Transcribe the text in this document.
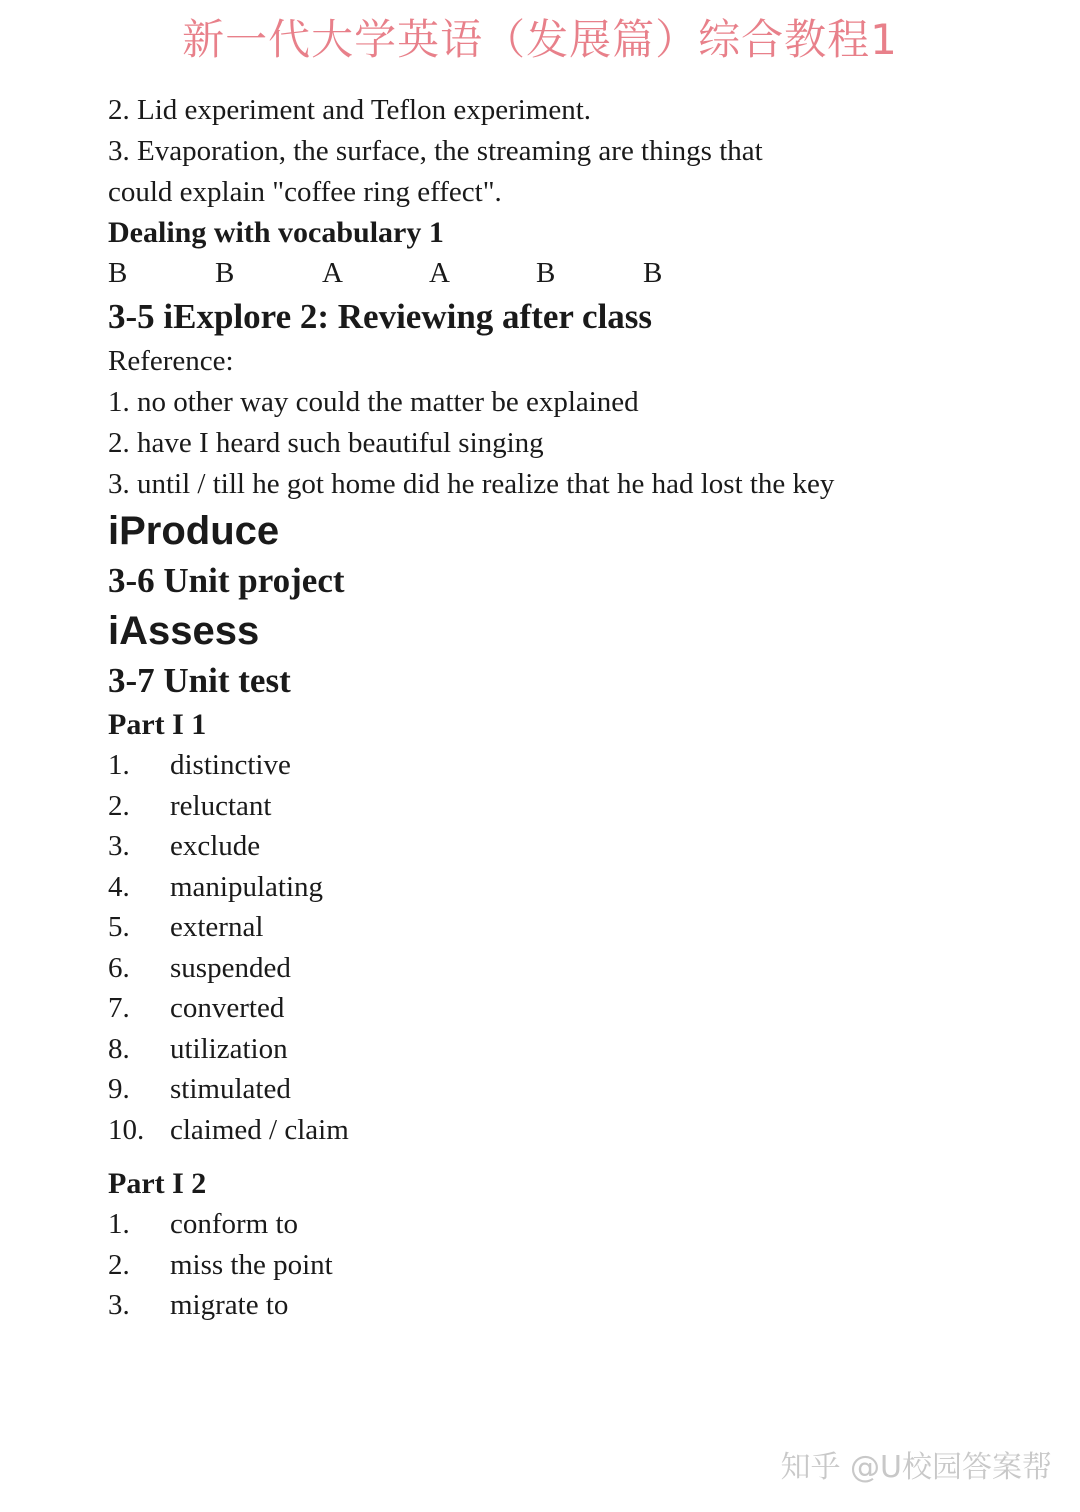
新一代大学英语（发展篇）综合教程1

2. Lid experiment and Teflon experiment.

3. Evaporation, the surface, the streaming are things that

could explain "coffee ring effect".

Dealing with vocabulary 1

B	B	A	A	B	B

3-5 iExplore 2: Reviewing after class

Reference:

1. no other way could the matter be explained

2. have I heard such beautiful singing

3. until / till he got home did he realize that he had lost the key

iProduce

3-6 Unit project

iAssess

3-7 Unit test

Part I 1

1.	distinctive
2.	reluctant
3.	exclude
4.	manipulating
5.	external
6.	suspended
7.	converted
8.	utilization
9.	stimulated
10. claimed / claim

Part I 2

1.	conform to
2.	miss the point
3.	migrate to
知乎 @U校园答案帮
